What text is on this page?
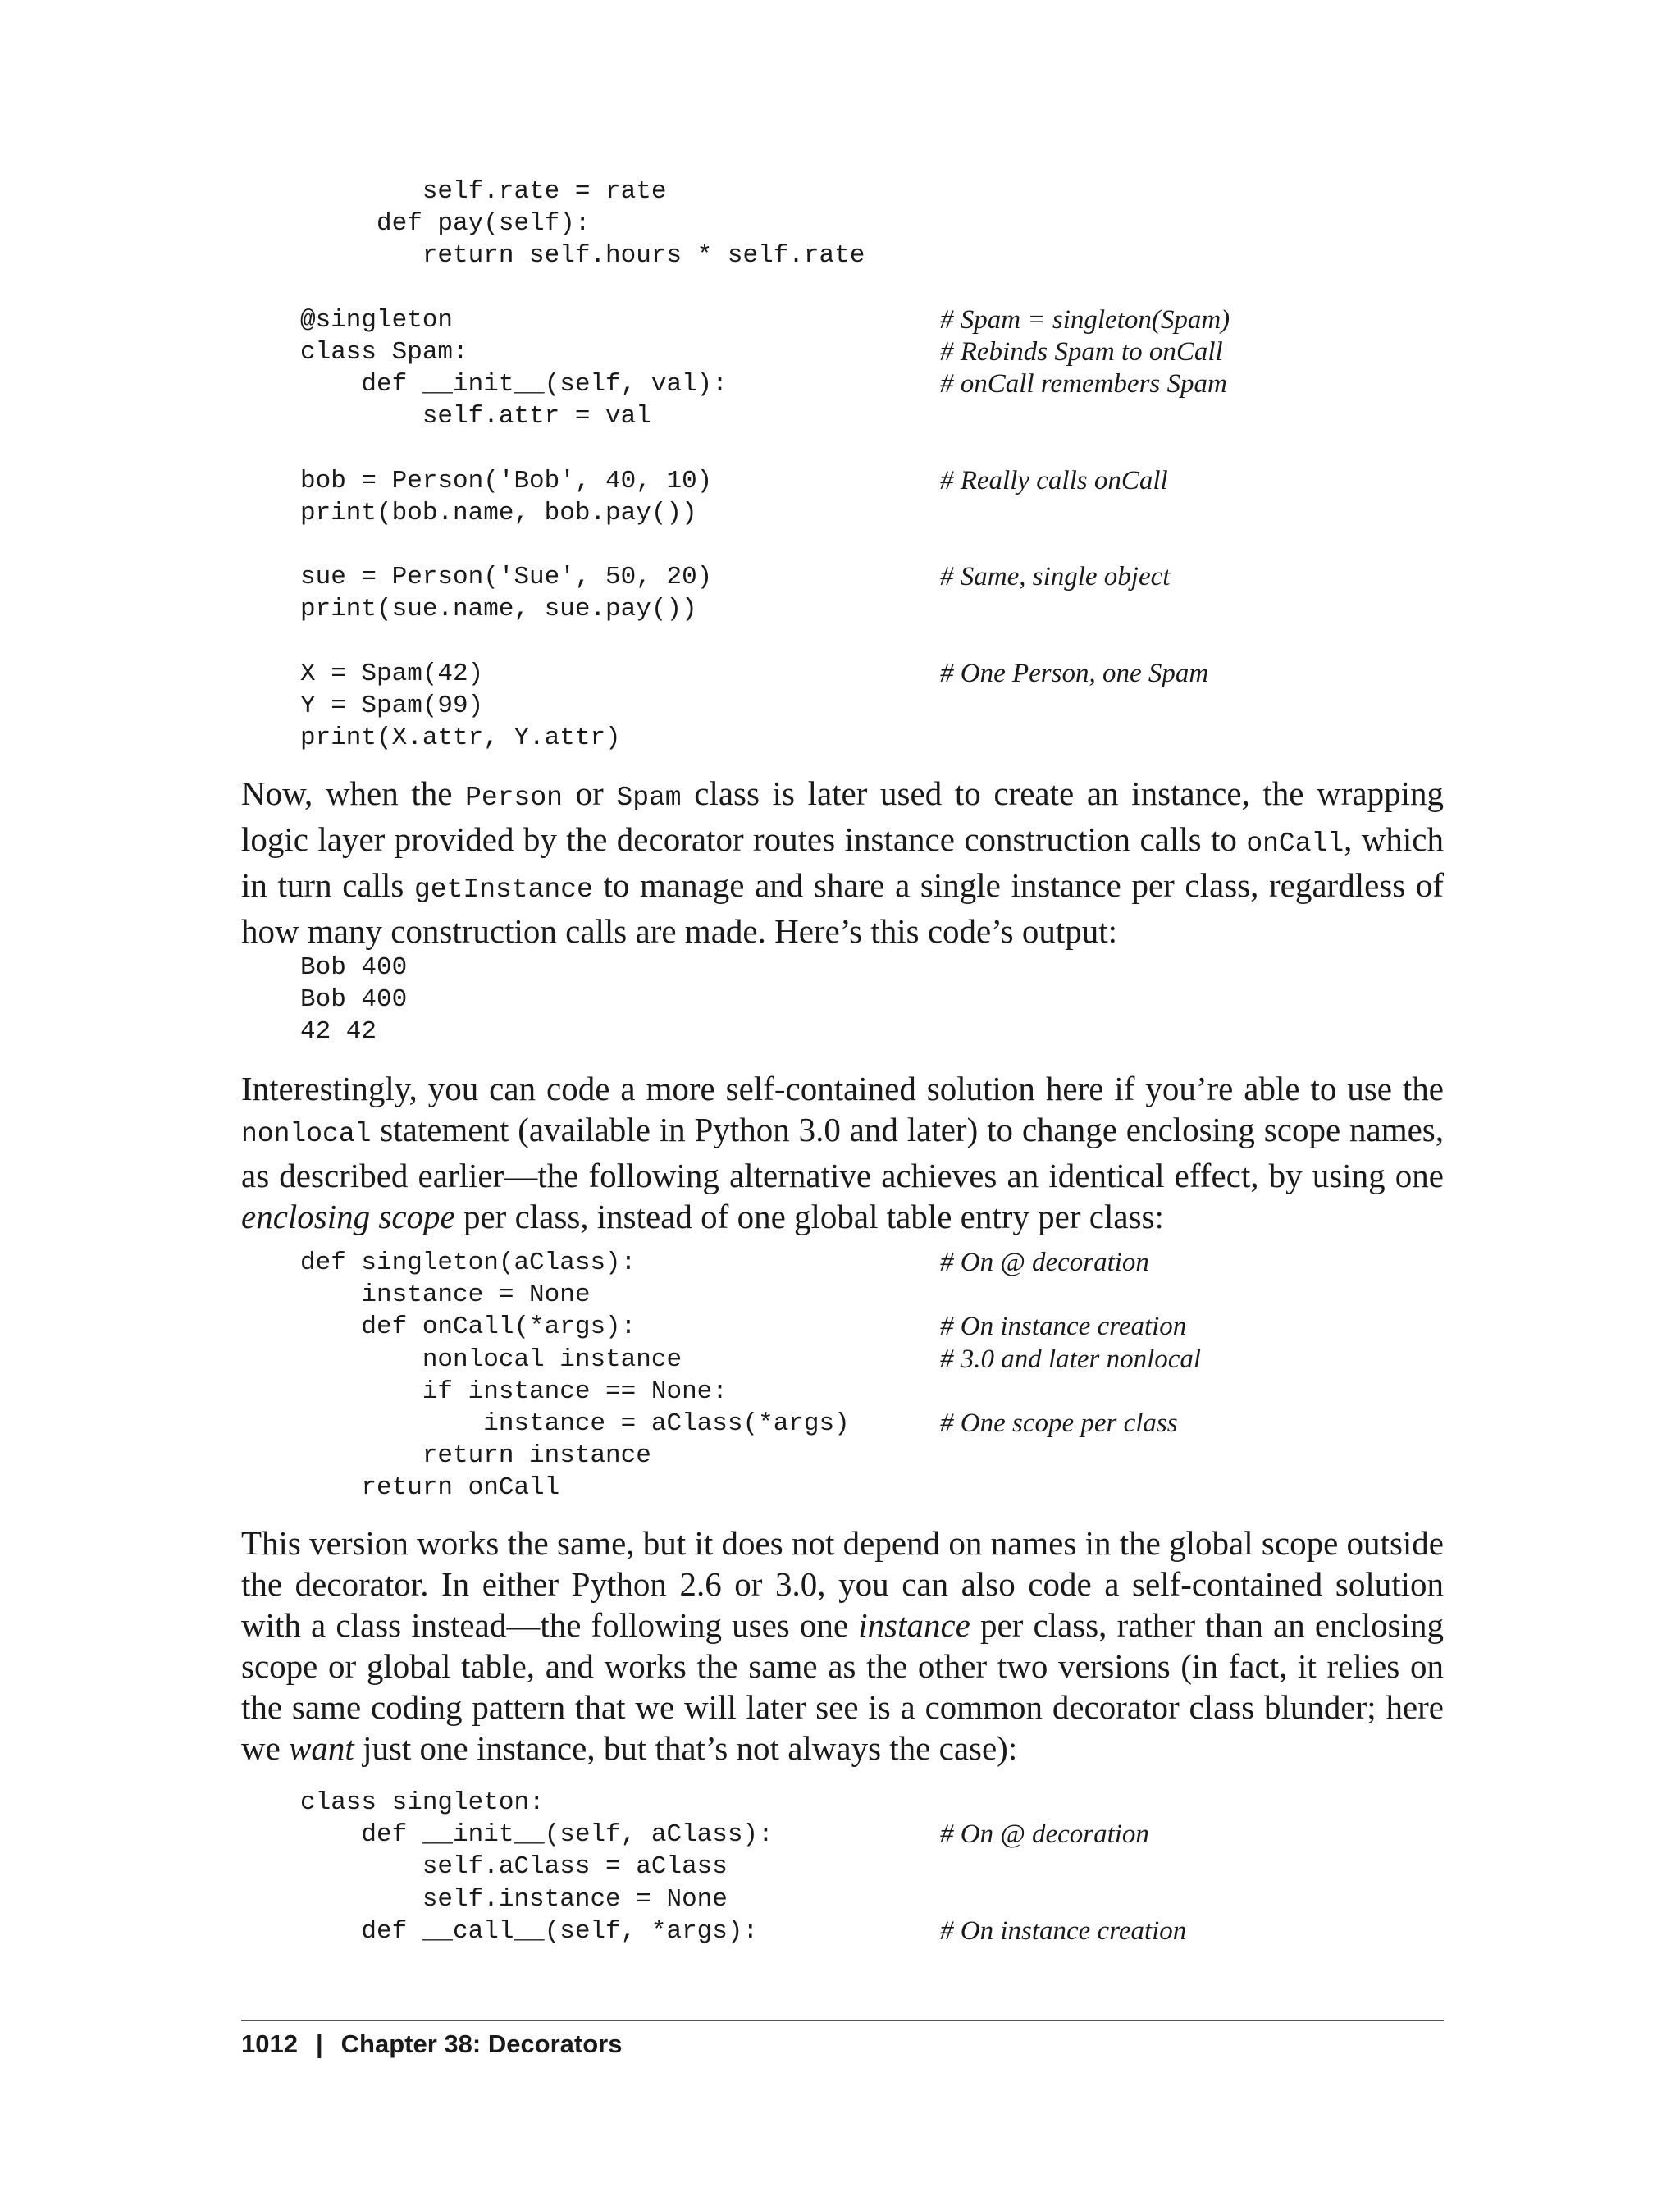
self.rate = rate
def pay(self):
return self.hours * self.rate
@singleton	# Spam = singleton(Spam)
class Spam:	# Rebinds Spam to onCall
def __init__(self, val):	# onCall remembers Spam
self.attr = val
bob = Person('Bob', 40, 10)	# Really calls onCall
print(bob.name, bob.pay())
sue = Person('Sue', 50, 20)	# Same, single object
print(sue.name, sue.pay())
X = Spam(42)	# One Person, one Spam
Y = Spam(99)
print(X.attr, Y.attr)

Now, when the Person or Spam class is later used to create an instance, the wrapping logic layer provided by the decorator routes instance construction calls to onCall, which in turn calls getInstance to manage and share a single instance per class, regardless of how many construction calls are made. Here’s this code’s output:

Bob 400
Bob 400
42 42

Interestingly, you can code a more self-contained solution here if you’re able to use the nonlocal statement (available in Python 3.0 and later) to change enclosing scope names, as described earlier—the following alternative achieves an identical effect, by using one enclosing scope per class, instead of one global table entry per class:

def singleton(aClass):	# On @ decoration
instance = None
def onCall(*args):	# On instance creation
nonlocal instance	# 3.0 and later nonlocal
if instance == None:
instance = aClass(*args)	# One scope per class
return instance
return onCall

This version works the same, but it does not depend on names in the global scope outside the decorator. In either Python 2.6 or 3.0, you can also code a self-contained solution with a class instead—the following uses one instance per class, rather than an enclosing scope or global table, and works the same as the other two versions (in fact, it relies on the same coding pattern that we will later see is a common decorator class blunder; here we want just one instance, but that’s not always the case):

class singleton:
def __init__(self, aClass):	# On @ decoration
self.aClass = aClass
self.instance = None
def __call__(self, *args):	# On instance creation
1012 | Chapter 38: Decorators
